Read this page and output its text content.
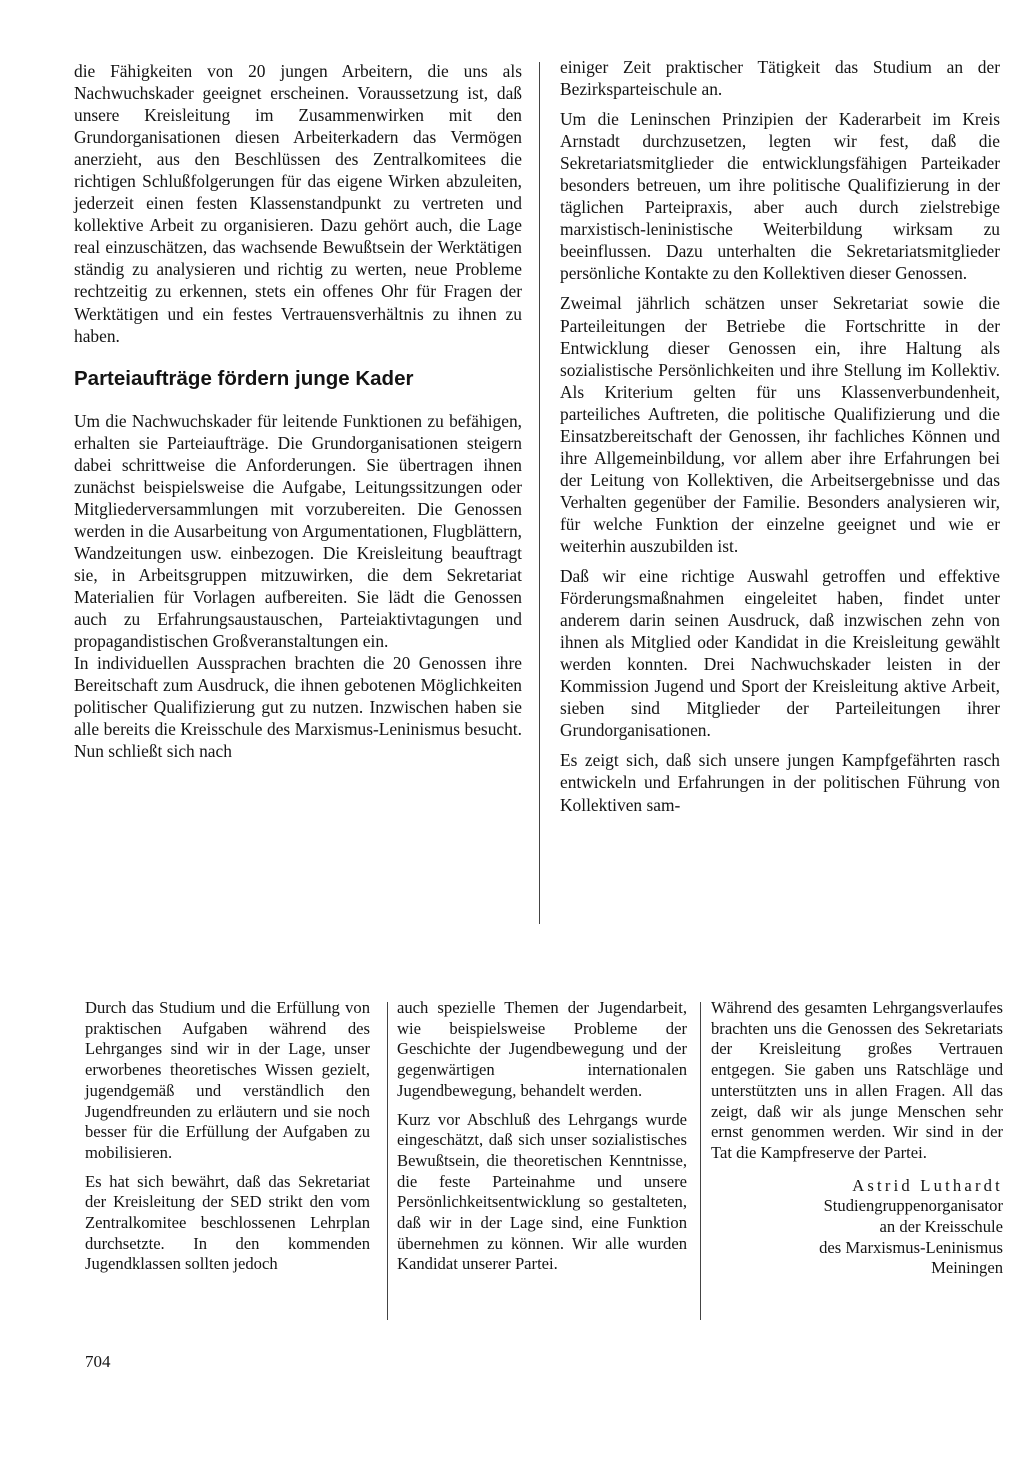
die Fähigkeiten von 20 jungen Arbeitern, die uns als Nachwuchskader geeignet erscheinen. Voraussetzung ist, daß unsere Kreisleitung im Zusammenwirken mit den Grundorganisationen diesen Arbeiterkadern das Vermögen anerzieht, aus den Beschlüssen des Zentralkomitees die richtigen Schlußfolgerungen für das eigene Wirken abzuleiten, jederzeit einen festen Klassenstandpunkt zu vertreten und kollektive Arbeit zu organisieren. Dazu gehört auch, die Lage real einzuschätzen, das wachsende Bewußtsein der Werktätigen ständig zu analysieren und richtig zu werten, neue Probleme rechtzeitig zu erkennen, stets ein offenes Ohr für Fragen der Werktätigen und ein festes Vertrauensverhältnis zu ihnen zu haben.

Parteiaufträge fördern junge Kader

Um die Nachwuchskader für leitende Funktionen zu befähigen, erhalten sie Parteiaufträge. Die Grundorganisationen steigern dabei schrittweise die Anforderungen. Sie übertragen ihnen zunächst beispielsweise die Aufgabe, Leitungssitzungen oder Mitgliederversammlungen mit vorzubereiten. Die Genossen werden in die Ausarbeitung von Argumentationen, Flugblättern, Wandzeitungen usw. einbezogen. Die Kreisleitung beauftragt sie, in Arbeitsgruppen mitzuwirken, die dem Sekretariat Materialien für Vorlagen aufbereiten. Sie lädt die Genossen auch zu Erfahrungsaustauschen, Parteiaktivtagungen und propagandistischen Großveranstaltungen ein.

In individuellen Aussprachen brachten die 20 Genossen ihre Bereitschaft zum Ausdruck, die ihnen gebotenen Möglichkeiten politischer Qualifizierung gut zu nutzen. Inzwischen haben sie alle bereits die Kreisschule des Marxismus-Leninismus besucht. Nun schließt sich nach

einiger Zeit praktischer Tätigkeit das Studium an der Bezirksparteischule an.

Um die Leninschen Prinzipien der Kaderarbeit im Kreis Arnstadt durchzusetzen, legten wir fest, daß die Sekretariatsmitglieder die entwicklungsfähigen Parteikader besonders betreuen, um ihre politische Qualifizierung in der täglichen Parteipraxis, aber auch durch zielstrebige marxistisch-leninistische Weiterbildung wirksam zu beeinflussen. Dazu unterhalten die Sekretariatsmitglieder persönliche Kontakte zu den Kollektiven dieser Genossen.

Zweimal jährlich schätzen unser Sekretariat sowie die Parteileitungen der Betriebe die Fortschritte in der Entwicklung dieser Genossen ein, ihre Haltung als sozialistische Persönlichkeiten und ihre Stellung im Kollektiv. Als Kriterium gelten für uns Klassenverbundenheit, parteiliches Auftreten, die politische Qualifizierung und die Einsatzbereitschaft der Genossen, ihr fachliches Können und ihre Allgemeinbildung, vor allem aber ihre Erfahrungen bei der Leitung von Kollektiven, die Arbeitsergebnisse und das Verhalten gegenüber der Familie. Besonders analysieren wir, für welche Funktion der einzelne geeignet und wie er weiterhin auszubilden ist.

Daß wir eine richtige Auswahl getroffen und effektive Förderungsmaßnahmen eingeleitet haben, findet unter anderem darin seinen Ausdruck, daß inzwischen zehn von ihnen als Mitglied oder Kandidat in die Kreisleitung gewählt werden konnten. Drei Nachwuchskader leisten in der Kommission Jugend und Sport der Kreisleitung aktive Arbeit, sieben sind Mitglieder der Parteileitungen ihrer Grundorganisationen.

Es zeigt sich, daß sich unsere jungen Kampfgefährten rasch entwickeln und Erfahrungen in der politischen Führung von Kollektiven sam-

Durch das Studium und die Erfüllung von praktischen Aufgaben während des Lehrganges sind wir in der Lage, unser erworbenes theoretisches Wissen gezielt, jugendgemäß und verständlich den Jugendfreunden zu erläutern und sie noch besser für die Erfüllung der Aufgaben zu mobilisieren.

Es hat sich bewährt, daß das Sekretariat der Kreisleitung der SED strikt den vom Zentralkomitee beschlossenen Lehrplan durchsetzte. In den kommenden Jugendklassen sollten jedoch

auch spezielle Themen der Jugendarbeit, wie beispielsweise Probleme der Geschichte der Jugendbewegung und der gegenwärtigen internationalen Jugendbewegung, behandelt werden.

Kurz vor Abschluß des Lehrgangs wurde eingeschätzt, daß sich unser sozialistisches Bewußtsein, die theoretischen Kenntnisse, die feste Parteinahme und unsere Persönlichkeitsentwicklung so gestalteten, daß wir in der Lage sind, eine Funktion übernehmen zu können. Wir alle wurden Kandidat unserer Partei.

Während des gesamten Lehrgangsverlaufes brachten uns die Genossen des Sekretariats der Kreisleitung großes Vertrauen entgegen. Sie gaben uns Ratschläge und unterstützten uns in allen Fragen. All das zeigt, daß wir als junge Menschen sehr ernst genommen werden. Wir sind in der Tat die Kampfreserve der Partei.

Astrid Luthardt
Studiengruppenorganisator
an der Kreisschule
des Marxismus-Leninismus
Meiningen

704
